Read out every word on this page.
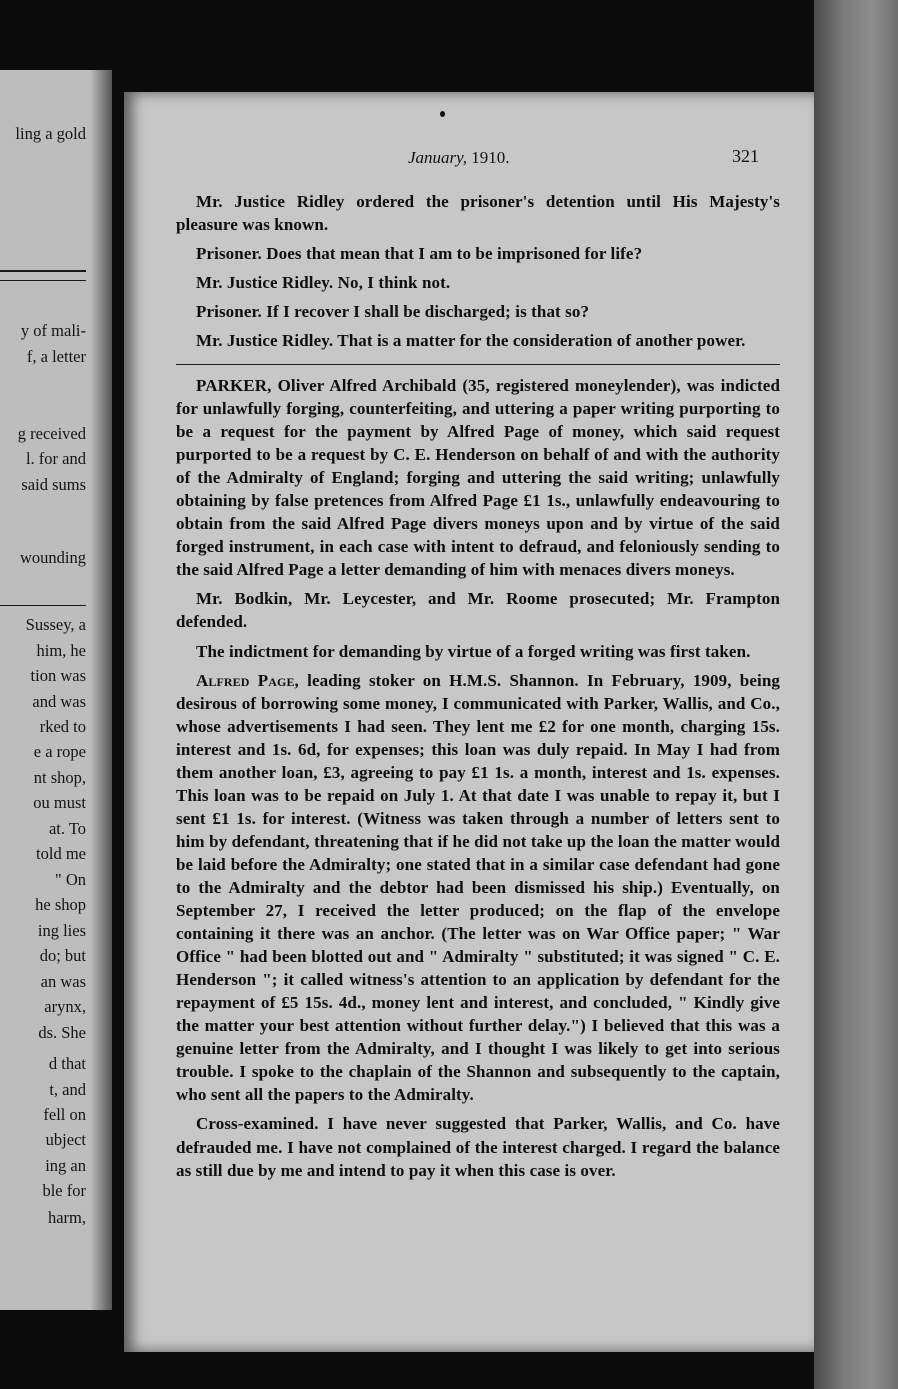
ling a gold
y of mali-
f, a letter
g received
l. for and
said sums
wounding
Sussey, a
him, he
tion was
and was
rked to
e a rope
nt shop,
ou must
at. To
told me
" On
he shop
ing lies
do; but
an was
arynx,
ds. She
d that
t, and
fell on
ubject
ing an
ble for
harm,
January, 1910.	321

Mr. Justice Ridley ordered the prisoner's detention until His Majesty's pleasure was known.

Prisoner. Does that mean that I am to be imprisoned for life?

Mr. Justice Ridley. No, I think not.

Prisoner. If I recover I shall be discharged; is that so?

Mr. Justice Ridley. That is a matter for the consideration of another power.

PARKER, Oliver Alfred Archibald (35, registered moneylender), was indicted for unlawfully forging, counterfeiting, and uttering a paper writing purporting to be a request for the payment by Alfred Page of money, which said request purported to be a request by C. E. Henderson on behalf of and with the authority of the Admiralty of England; forging and uttering the said writing; unlawfully obtaining by false pretences from Alfred Page £1 1s., unlawfully endeavouring to obtain from the said Alfred Page divers moneys upon and by virtue of the said forged instrument, in each case with intent to defraud, and feloniously sending to the said Alfred Page a letter demanding of him with menaces divers moneys.

Mr. Bodkin, Mr. Leycester, and Mr. Roome prosecuted; Mr. Frampton defended.

The indictment for demanding by virtue of a forged writing was first taken.

Alfred Page, leading stoker on H.M.S. Shannon. In February, 1909, being desirous of borrowing some money, I communicated with Parker, Wallis, and Co., whose advertisements I had seen. They lent me £2 for one month, charging 15s. interest and 1s. 6d, for expenses; this loan was duly repaid. In May I had from them another loan, £3, agreeing to pay £1 1s. a month, interest and 1s. expenses. This loan was to be repaid on July 1. At that date I was unable to repay it, but I sent £1 1s. for interest. (Witness was taken through a number of letters sent to him by defendant, threatening that if he did not take up the loan the matter would be laid before the Admiralty; one stated that in a similar case defendant had gone to the Admiralty and the debtor had been dismissed his ship.) Eventually, on September 27, I received the letter produced; on the flap of the envelope containing it there was an anchor. (The letter was on War Office paper; " War Office " had been blotted out and " Admiralty " substituted; it was signed " C. E. Henderson "; it called witness's attention to an application by defendant for the repayment of £5 15s. 4d., money lent and interest, and concluded, " Kindly give the matter your best attention without further delay.") I believed that this was a genuine letter from the Admiralty, and I thought I was likely to get into serious trouble. I spoke to the chaplain of the Shannon and subsequently to the captain, who sent all the papers to the Admiralty.

Cross-examined. I have never suggested that Parker, Wallis, and Co. have defrauded me. I have not complained of the interest charged. I regard the balance as still due by me and intend to pay it when this case is over.
